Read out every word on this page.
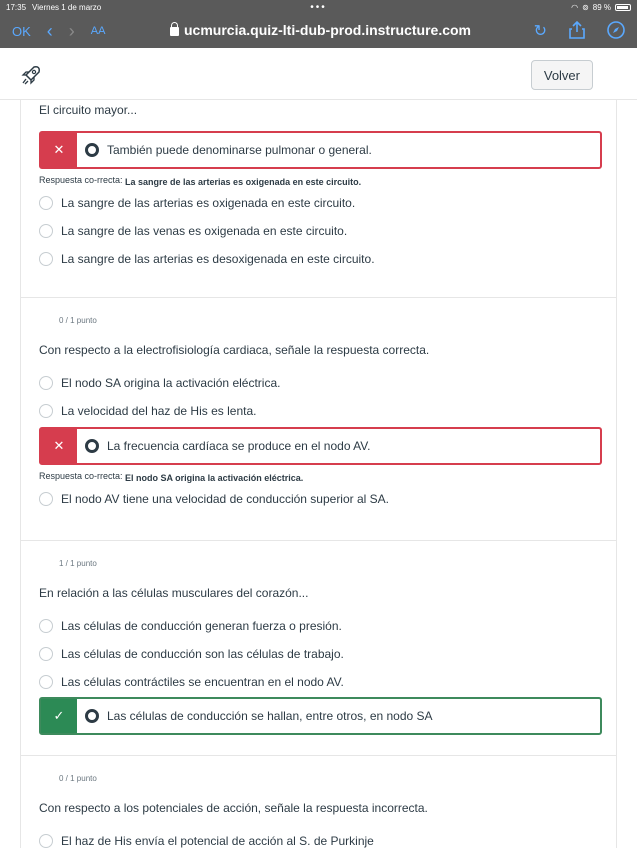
17:35 Viernes 1 de marzo	•••	◠ ⊚ 89 %
OK ‹ › AA	ucmurcia.quiz-lti-dub-prod.instructure.com	↻
Volver
El circuito mayor...
✕	También puede denominarse pulmonar o general.
Respuesta co-rrecta: La sangre de las arterias es oxigenada en este circuito.
La sangre de las arterias es oxigenada en este circuito.
La sangre de las venas es oxigenada en este circuito.
La sangre de las arterias es desoxigenada en este circuito.
0 / 1 punto
Con respecto a la electrofisiología cardiaca, señale la respuesta correcta.
El nodo SA origina la activación eléctrica.
La velocidad del haz de His es lenta.
✕	La frecuencia cardíaca se produce en el nodo AV.
Respuesta co-rrecta: El nodo SA origina la activación eléctrica.
El nodo AV tiene una velocidad de conducción superior al SA.
1 / 1 punto
En relación a las células musculares del corazón...
Las células de conducción generan fuerza o presión.
Las células de conducción son las células de trabajo.
Las células contráctiles se encuentran en el nodo AV.
✓	Las células de conducción se hallan, entre otros, en nodo SA
0 / 1 punto
Con respecto a los potenciales de acción, señale la respuesta incorrecta.
El haz de His envía el potencial de acción al S. de Purkinje
